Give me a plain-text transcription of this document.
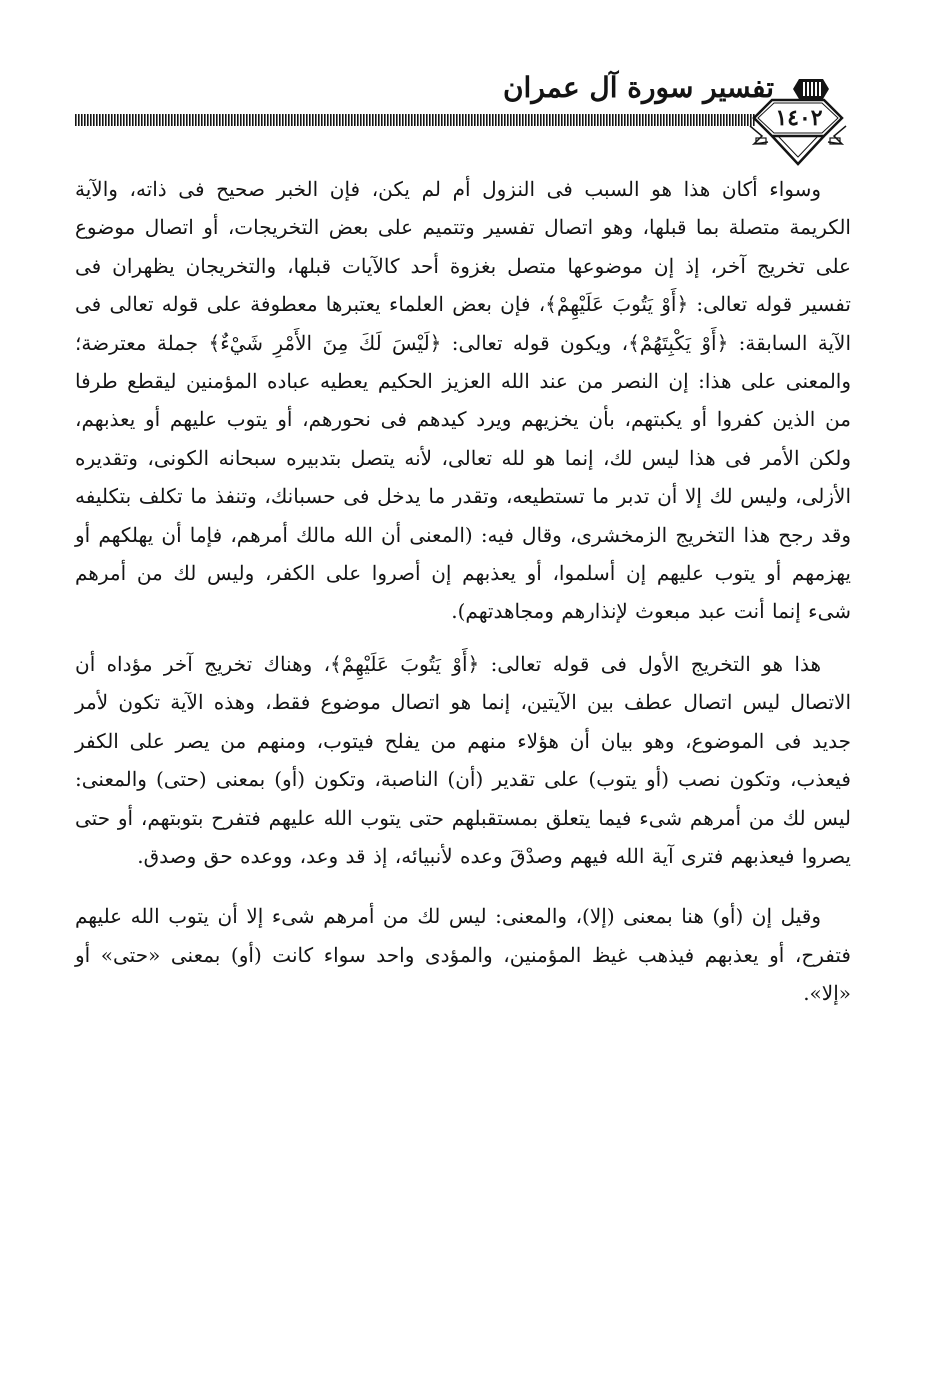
تفسير سورة آل عمران
١٤٠٢

وسواء أكان هذا هو السبب فى النزول أم لم يكن، فإن الخبر صحيح فى ذاته، والآية الكريمة متصلة بما قبلها، وهو اتصال تفسير وتتميم على بعض التخريجات، أو اتصال موضوع على تخريج آخر، إذ إن موضوعها متصل بغزوة أحد كالآيات قبلها، والتخريجان يظهران فى تفسير قوله تعالى: ﴿أَوْ يَتُوبَ عَلَيْهِمْ﴾، فإن بعض العلماء يعتبرها معطوفة على قوله تعالى فى الآية السابقة: ﴿أَوْ يَكْبِتَهُمْ﴾، ويكون قوله تعالى: ﴿لَيْسَ لَكَ مِنَ الأَمْرِ شَيْءٌ﴾ جملة معترضة؛ والمعنى على هذا: إن النصر من عند الله العزيز الحكيم يعطيه عباده المؤمنين ليقطع طرفا من الذين كفروا أو يكبتهم، بأن يخزيهم ويرد كيدهم فى نحورهم، أو يتوب عليهم أو يعذبهم، ولكن الأمر فى هذا ليس لك، إنما هو لله تعالى، لأنه يتصل بتدبيره سبحانه الكونى، وتقديره الأزلى، وليس لك إلا أن تدبر ما تستطيعه، وتقدر ما يدخل فى حسبانك، وتنفذ ما تكلف بتكليفه وقد رجح هذا التخريج الزمخشرى، وقال فيه: (المعنى أن الله مالك أمرهم، فإما أن يهلكهم أو يهزمهم أو يتوب عليهم إن أسلموا، أو يعذبهم إن أصروا على الكفر، وليس لك من أمرهم شىء إنما أنت عبد مبعوث لإنذارهم ومجاهدتهم).

هذا هو التخريج الأول فى قوله تعالى: ﴿أَوْ يَتُوبَ عَلَيْهِمْ﴾، وهناك تخريج آخر مؤداه أن الاتصال ليس اتصال عطف بين الآيتين، إنما هو اتصال موضوع فقط، وهذه الآية تكون لأمر جديد فى الموضوع، وهو بيان أن هؤلاء منهم من يفلح فيتوب، ومنهم من يصر على الكفر فيعذب، وتكون نصب (أو يتوب) على تقدير (أن) الناصبة، وتكون (أو) بمعنى (حتى) والمعنى: ليس لك من أمرهم شىء فيما يتعلق بمستقبلهم حتى يتوب الله عليهم فتفرح بتوبتهم، أو حتى يصروا فيعذبهم فترى آية الله فيهم وصدْقَ وعده لأنبيائه، إذ قد وعد، ووعده حق وصدق.

وقيل إن (أو) هنا بمعنى (إلا)، والمعنى: ليس لك من أمرهم شىء إلا أن يتوب الله عليهم فتفرح، أو يعذبهم فيذهب غيظ المؤمنين، والمؤدى واحد سواء كانت (أو) بمعنى «حتى» أو «إلا».
